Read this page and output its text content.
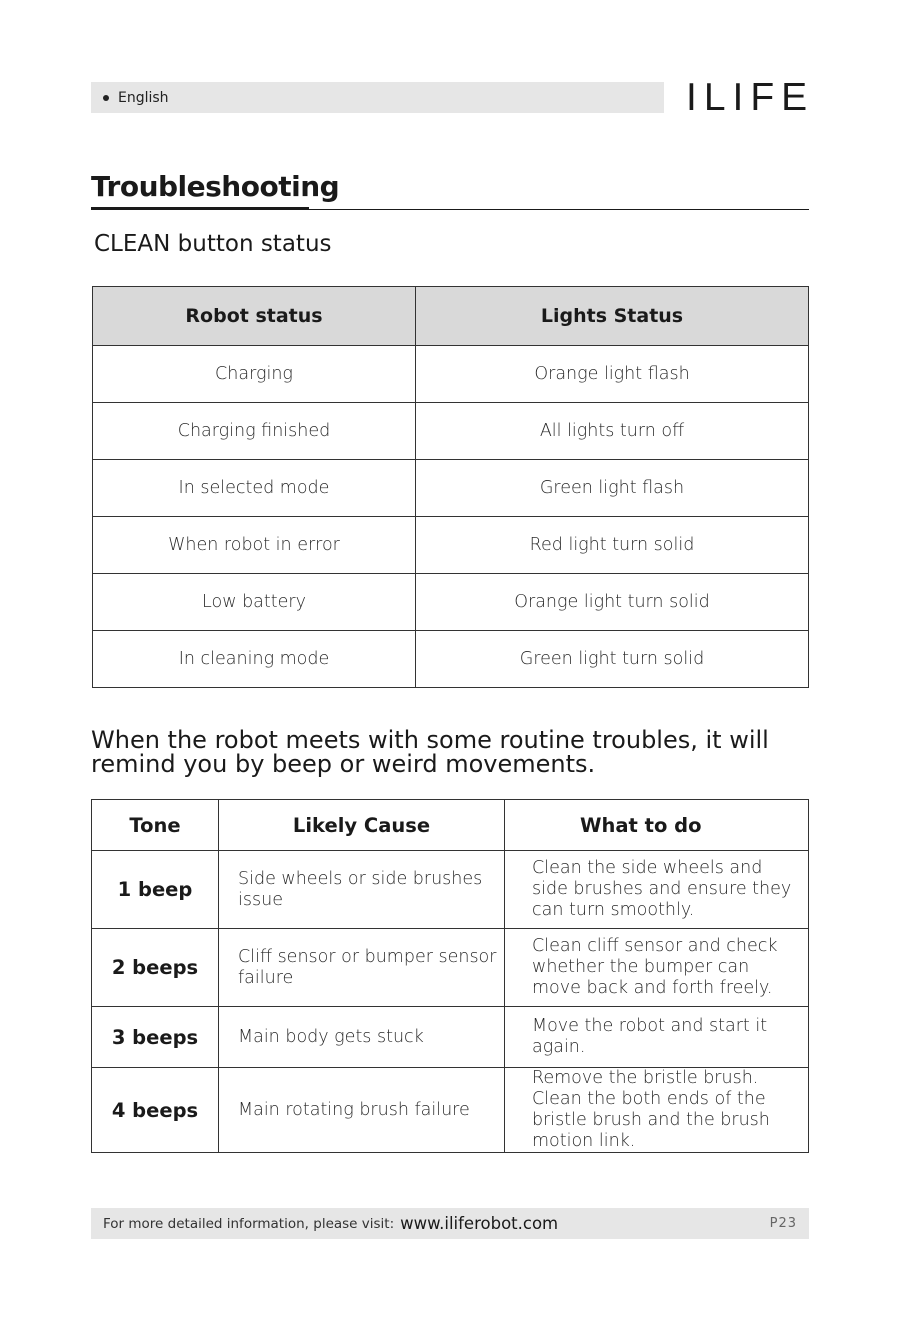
English	ILIFE
Troubleshooting
CLEAN button status
Robot status	Lights Status
Charging	Orange light flash
Charging finished	All lights turn off
In selected mode	Green light flash
When robot in error	Red light turn solid
Low battery	Orange light turn solid
In cleaning mode	Green light turn solid
When the robot meets with some routine troubles, it will remind you by beep or weird movements.
Tone	Likely Cause	What to do
1 beep	Side wheels or side brushes issue	Clean the side wheels and side brushes and ensure they can turn smoothly.
2 beeps	Cliff sensor or bumper sensor failure	Clean cliff sensor and check whether the bumper can move back and forth freely.
3 beeps	Main body gets stuck	Move the robot and start it again.
4 beeps	Main rotating brush failure	Remove the bristle brush. Clean the both ends of the bristle brush and the brush motion link.
For more detailed information, please visit: www.iliferobot.com	P23
